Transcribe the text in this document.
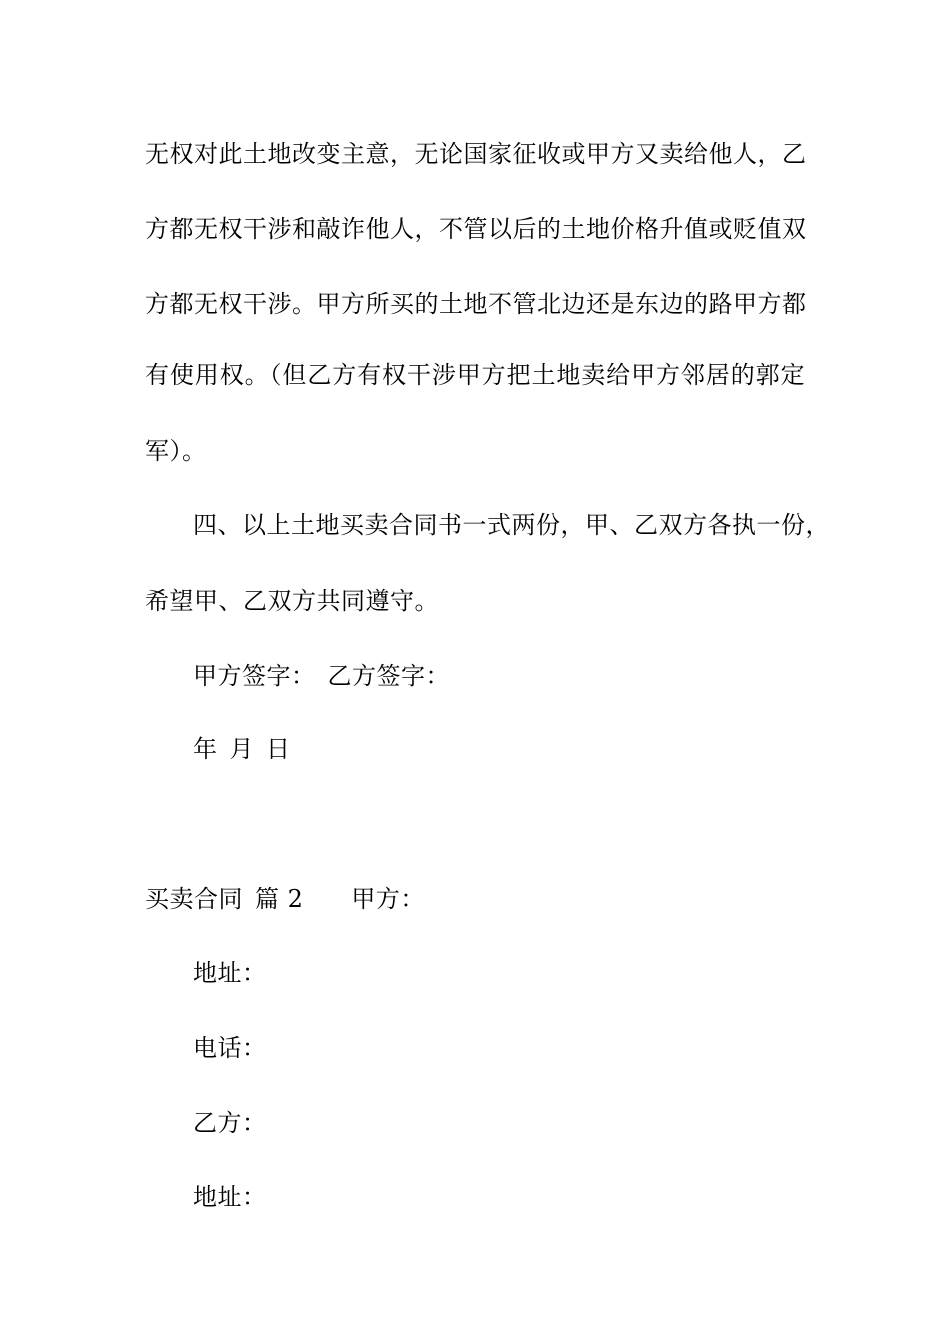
无权对此土地改变主意，无论国家征收或甲方又卖给他人，乙
方都无权干涉和敲诈他人，不管以后的土地价格升值或贬值双
方都无权干涉。甲方所买的土地不管北边还是东边的路甲方都
有使用权。（但乙方有权干涉甲方把土地卖给甲方邻居的郭定
军）。
四、以上土地买卖合同书一式两份，甲、乙双方各执一份，
希望甲、乙双方共同遵守。
甲方签字： 乙方签字：
年 月 日
买卖合同 篇 2 甲方：
地址：
电话：
乙方：
地址：
